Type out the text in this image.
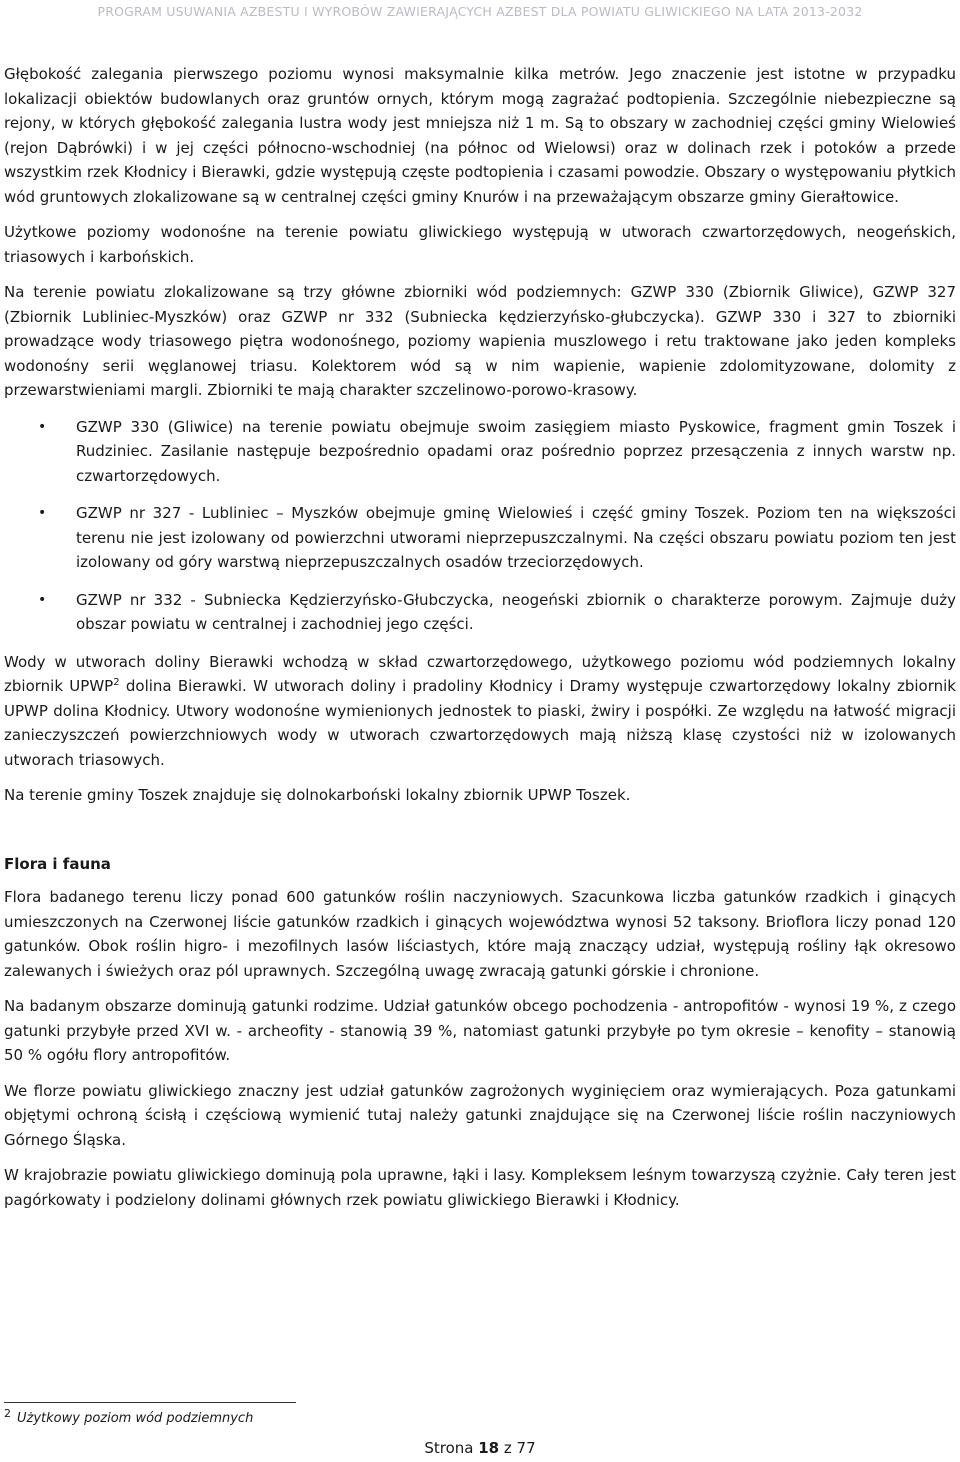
PROGRAM USUWANIA AZBESTU I WYROBÓW ZAWIERAJĄCYCH AZBEST DLA POWIATU GLIWICKIEGO NA LATA 2013-2032

Głębokość zalegania pierwszego poziomu wynosi maksymalnie kilka metrów. Jego znaczenie jest istotne w przypadku lokalizacji obiektów budowlanych oraz gruntów ornych, którym mogą zagrażać podtopienia. Szczególnie niebezpieczne są rejony, w których głębokość zalegania lustra wody jest mniejsza niż 1 m. Są to obszary w zachodniej części gminy Wielowieś (rejon Dąbrówki) i w jej części północno-wschodniej (na północ od Wielowsi) oraz w dolinach rzek i potoków a przede wszystkim rzek Kłodnicy i Bierawki, gdzie występują częste podtopienia i czasami powodzie. Obszary o występowaniu płytkich wód gruntowych zlokalizowane są w centralnej części gminy Knurów i na przeważającym obszarze gminy Gierałtowice.

Użytkowe poziomy wodonośne na terenie powiatu gliwickiego występują w utworach czwartorzędowych, neogeńskich, triasowych i karbońskich.

Na terenie powiatu zlokalizowane są trzy główne zbiorniki wód podziemnych: GZWP 330 (Zbiornik Gliwice), GZWP 327 (Zbiornik Lubliniec-Myszków) oraz GZWP nr 332 (Subniecka kędzierzyńsko-głubczycka). GZWP 330 i 327 to zbiorniki prowadzące wody triasowego piętra wodonośnego, poziomy wapienia muszlowego i retu traktowane jako jeden kompleks wodonośny serii węglanowej triasu. Kolektorem wód są w nim wapienie, wapienie zdolomityzowane, dolomity z przewarstwieniami margli. Zbiorniki te mają charakter szczelinowo-porowo-krasowy.

• GZWP 330 (Gliwice) na terenie powiatu obejmuje swoim zasięgiem miasto Pyskowice, fragment gmin Toszek i Rudziniec. Zasilanie następuje bezpośrednio opadami oraz pośrednio poprzez przesączenia z innych warstw np. czwartorzędowych.
• GZWP nr 327 - Lubliniec – Myszków obejmuje gminę Wielowieś i część gminy Toszek. Poziom ten na większości terenu nie jest izolowany od powierzchni utworami nieprzepuszczalnymi. Na części obszaru powiatu poziom ten jest izolowany od góry warstwą nieprzepuszczalnych osadów trzeciorzędowych.
• GZWP nr 332 - Subniecka Kędzierzyńsko-Głubczycka, neogeński zbiornik o charakterze porowym. Zajmuje duży obszar powiatu w centralnej i zachodniej jego części.

Wody w utworach doliny Bierawki wchodzą w skład czwartorzędowego, użytkowego poziomu wód podziemnych lokalny zbiornik UPWP$^2$ dolina Bierawki. W utworach doliny i pradoliny Kłodnicy i Dramy występuje czwartorzędowy lokalny zbiornik UPWP dolina Kłodnicy. Utwory wodonośne wymienionych jednostek to piaski, żwiry i pospółki. Ze względu na łatwość migracji zanieczyszczeń powierzchniowych wody w utworach czwartorzędowych mają niższą klasę czystości niż w izolowanych utworach triasowych.

Na terenie gminy Toszek znajduje się dolnokarboński lokalny zbiornik UPWP Toszek.

Flora i fauna

Flora badanego terenu liczy ponad 600 gatunków roślin naczyniowych. Szacunkowa liczba gatunków rzadkich i ginących umieszczonych na Czerwonej liście gatunków rzadkich i ginących województwa wynosi 52 taksony. Brioflora liczy ponad 120 gatunków. Obok roślin higro- i mezofilnych lasów liściastych, które mają znaczący udział, występują rośliny łąk okresowo zalewanych i świeżych oraz pól uprawnych. Szczególną uwagę zwracają gatunki górskie i chronione.

Na badanym obszarze dominują gatunki rodzime. Udział gatunków obcego pochodzenia - antropofitów - wynosi 19 %, z czego gatunki przybyłe przed XVI w. - archeofity - stanowią 39 %, natomiast gatunki przybyłe po tym okresie – kenofity – stanowią 50 % ogółu flory antropofitów.

We florze powiatu gliwickiego znaczny jest udział gatunków zagrożonych wyginięciem oraz wymierających. Poza gatunkami objętymi ochroną ścisłą i częściową wymienić tutaj należy gatunki znajdujące się na Czerwonej liście roślin naczyniowych Górnego Śląska.

W krajobrazie powiatu gliwickiego dominują pola uprawne, łąki i lasy. Kompleksem leśnym towarzyszą czyżnie. Cały teren jest pagórkowaty i podzielony dolinami głównych rzek powiatu gliwickiego Bierawki i Kłodnicy.

$^2$ Użytkowy poziom wód podziemnych
Strona 18 z 77
